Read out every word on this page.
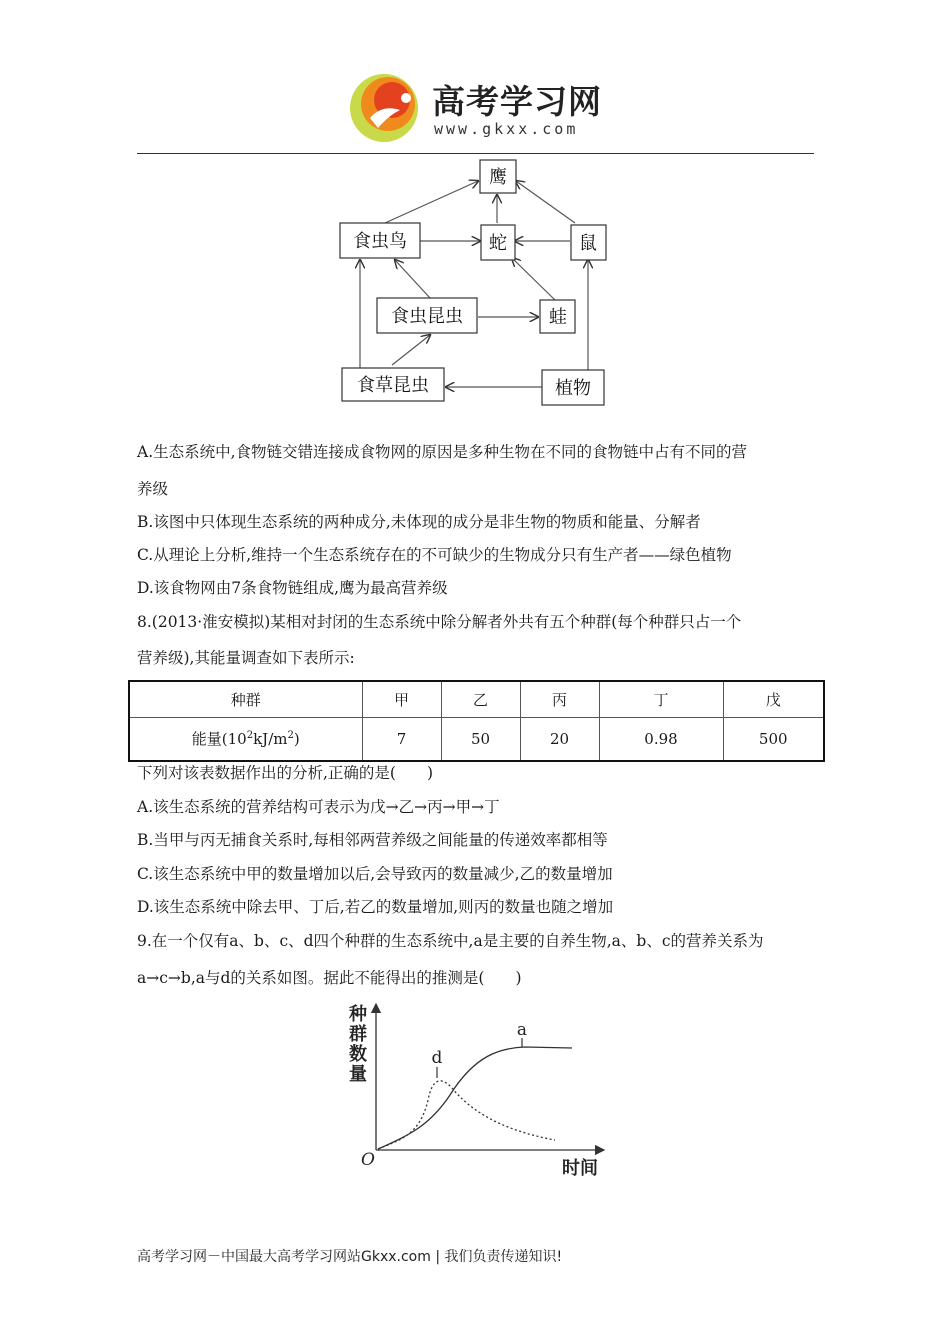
高考学习网
www.gkxx.com
鹰
食虫鸟	蛇	鼠
食虫昆虫	蛙
食草昆虫	植物
A.生态系统中,食物链交错连接成食物网的原因是多种生物在不同的食物链中占有不同的营
养级
B.该图中只体现生态系统的两种成分,未体现的成分是非生物的物质和能量、分解者
C.从理论上分析,维持一个生态系统存在的不可缺少的生物成分只有生产者——绿色植物
D.该食物网由7条食物链组成,鹰为最高营养级
8.(2013·淮安模拟)某相对封闭的生态系统中除分解者外共有五个种群(每个种群只占一个
营养级),其能量调查如下表所示:
种群	甲	乙	丙	丁	戊
能量$(10^2kJ/m^2)$	7	50	20	0.98	500
下列对该表数据作出的分析,正确的是(　　)
A.该生态系统的营养结构可表示为戊→乙→丙→甲→丁
B.当甲与丙无捕食关系时,每相邻两营养级之间能量的传递效率都相等
C.该生态系统中甲的数量增加以后,会导致丙的数量减少,乙的数量增加
D.该生态系统中除去甲、丁后,若乙的数量增加,则丙的数量也随之增加
9.在一个仅有a、b、c、d四个种群的生态系统中,a是主要的自养生物,a、b、c的营养关系为
a→c→b,a与d的关系如图。据此不能得出的推测是(　　)
种
群
数
量
时间
O
a
d
高考学习网－中国最大高考学习网站Gkxx.com | 我们负责传递知识!
